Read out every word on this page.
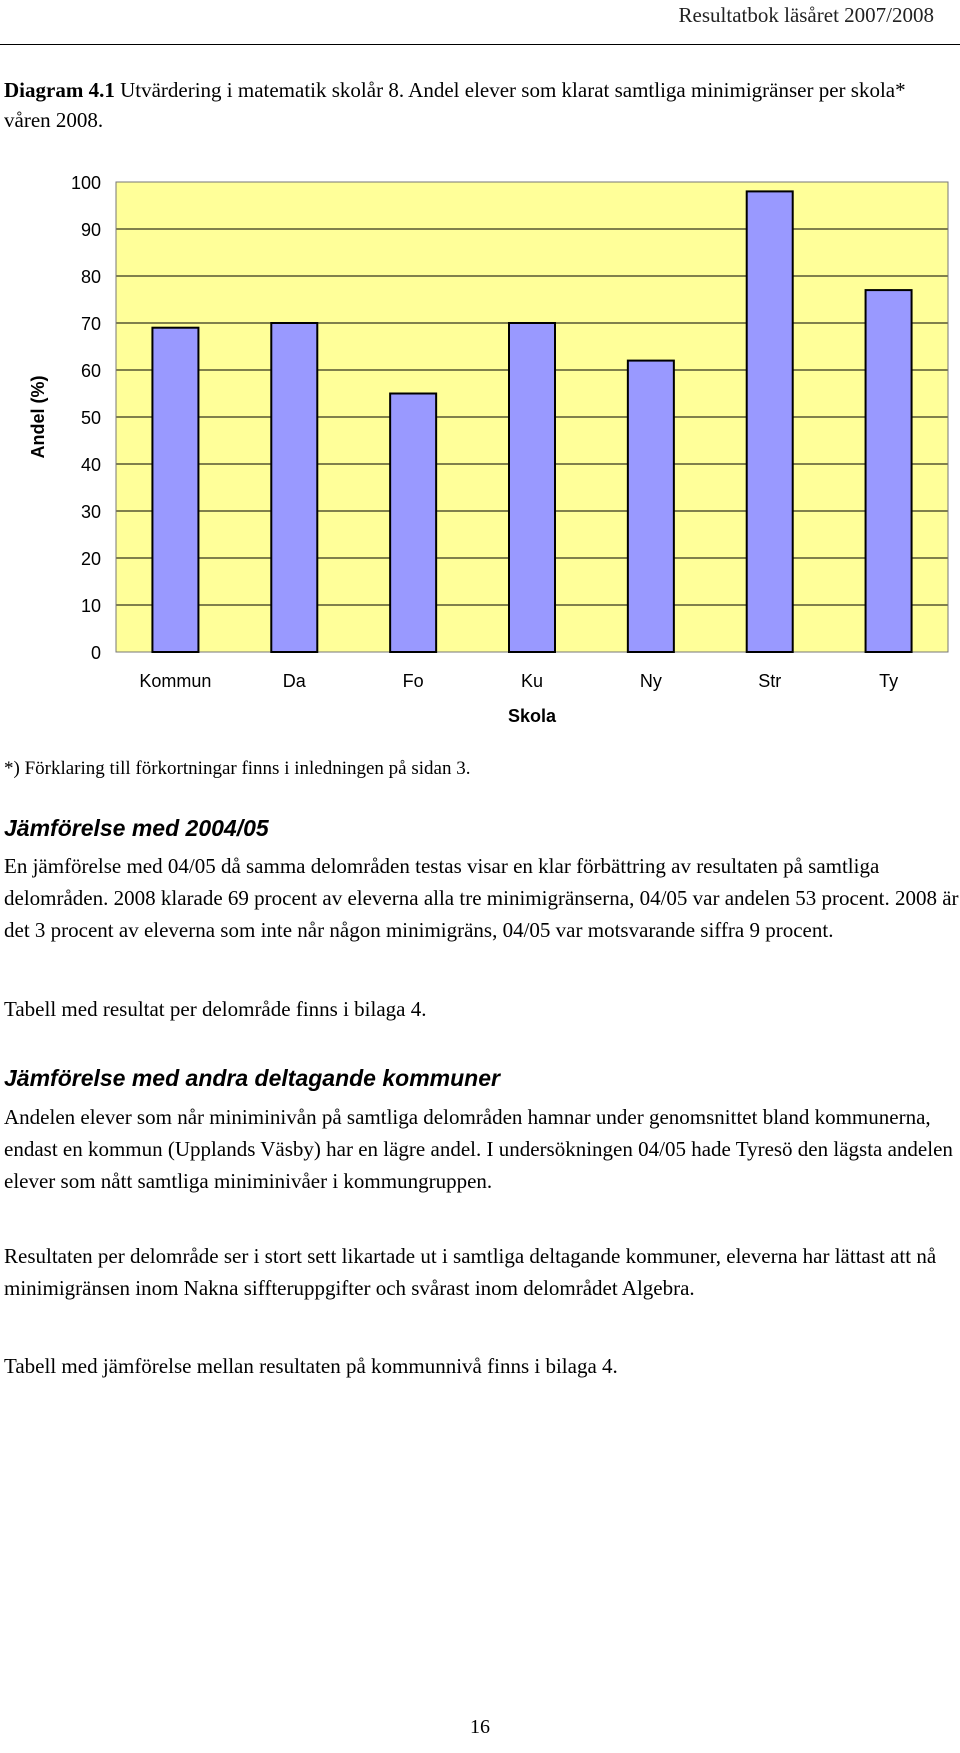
Resultatbok läsåret 2007/2008
Diagram 4.1 Utvärdering i matematik skolår 8. Andel elever som klarat samtliga minimigränser per skola* våren 2008.
0
10
20
30
40
50
60
70
80
90
100
Kommun	Da	Fo	Ku	Ny	Str	Ty
Skola
Andel (%)
*) Förklaring till förkortningar finns i inledningen på sidan 3.
Jämförelse med 2004/05

En jämförelse med 04/05 då samma delområden testas visar en klar förbättring av resultaten på samtliga delområden. 2008 klarade 69 procent av eleverna alla tre minimigränserna, 04/05 var andelen 53 procent. 2008 är det 3 procent av eleverna som inte når någon minimigräns, 04/05 var motsvarande siffra 9 procent.

Tabell med resultat per delområde finns i bilaga 4.

Jämförelse med andra deltagande kommuner

Andelen elever som når miniminivån på samtliga delområden hamnar under genomsnittet bland kommunerna, endast en kommun (Upplands Väsby) har en lägre andel. I undersökningen 04/05 hade Tyresö den lägsta andelen elever som nått samtliga miniminivåer i kommungruppen.

Resultaten per delområde ser i stort sett likartade ut i samtliga deltagande kommuner, eleverna har lättast att nå minimigränsen inom Nakna siffteruppgifter och svårast inom delområdet Algebra.

Tabell med jämförelse mellan resultaten på kommunnivå finns i bilaga 4.

16
